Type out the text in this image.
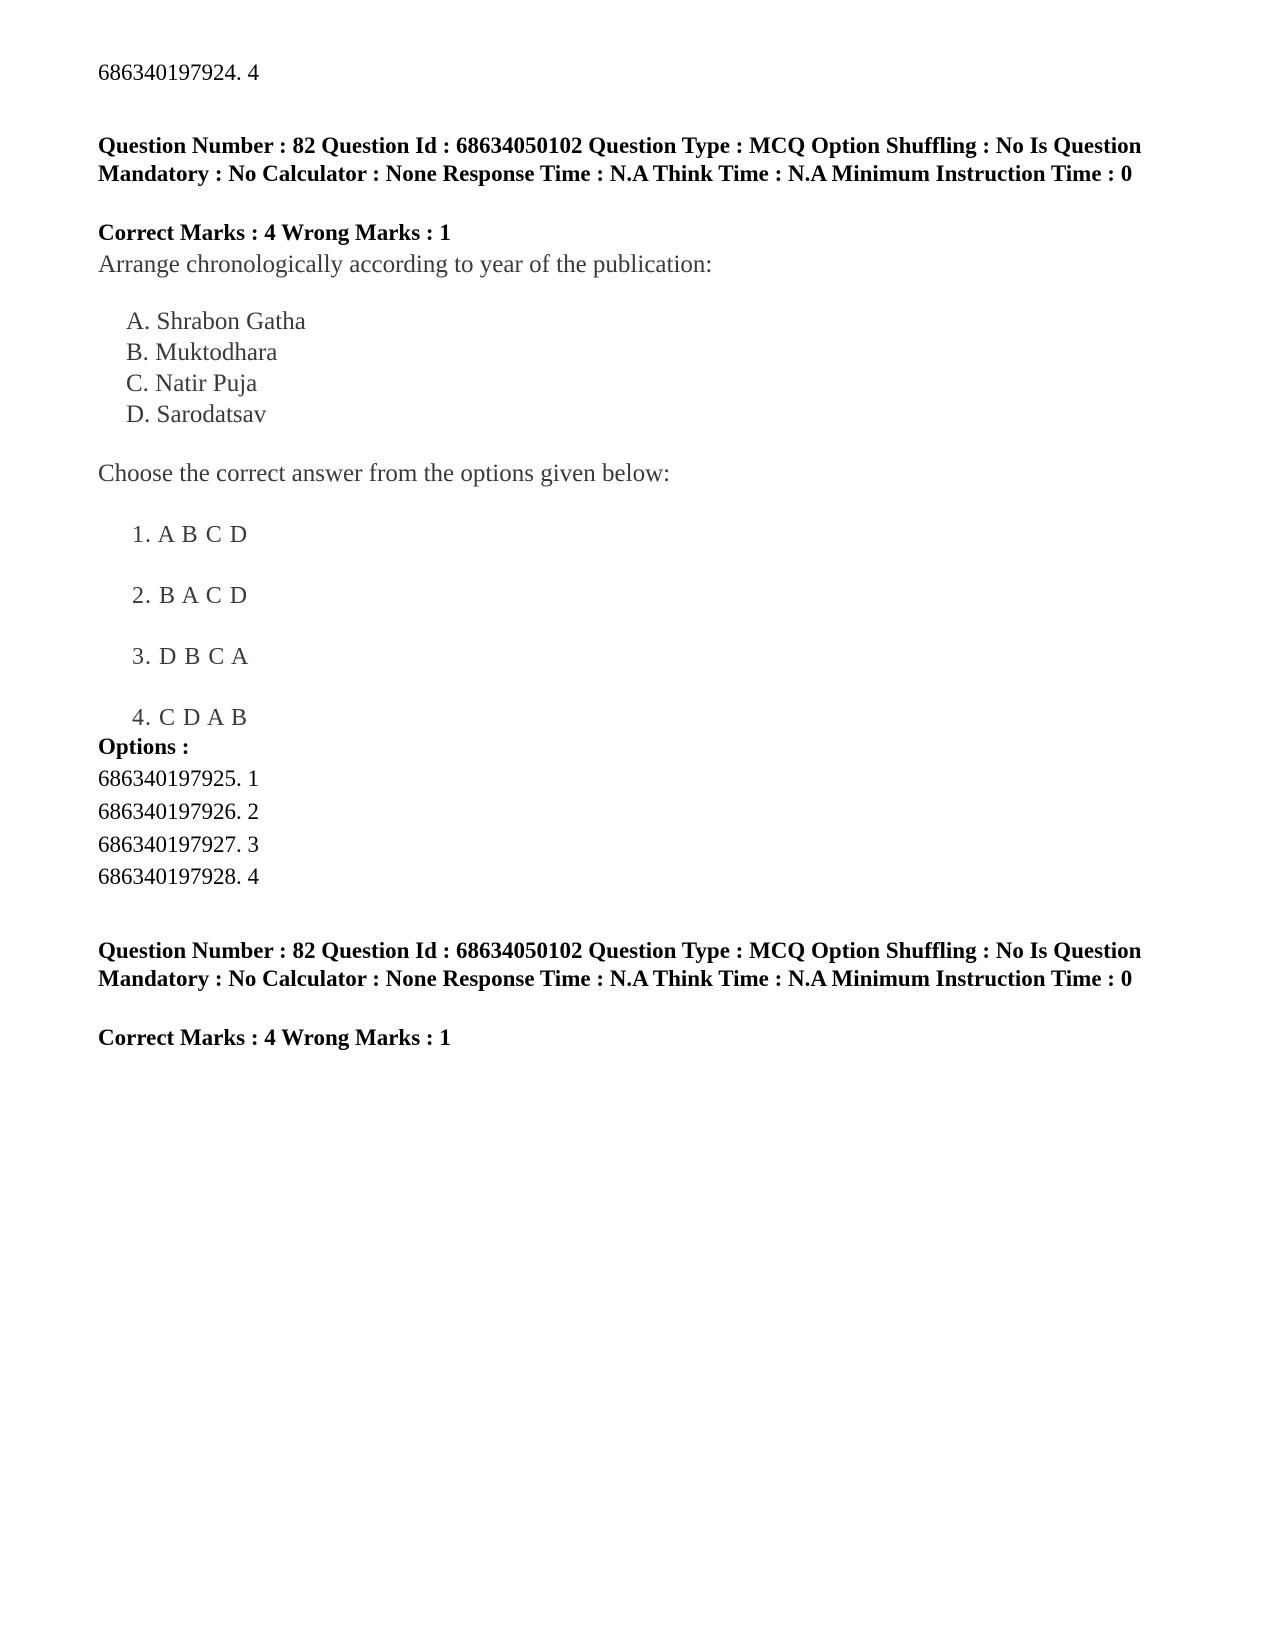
686340197924. 4
Question Number : 82 Question Id : 68634050102 Question Type : MCQ Option Shuffling : No Is Question Mandatory : No Calculator : None Response Time : N.A Think Time : N.A Minimum Instruction Time : 0
Correct Marks : 4 Wrong Marks : 1
Arrange chronologically according to year of the publication:
A. Shrabon Gatha
B. Muktodhara
C. Natir Puja
D. Sarodatsav
Choose the correct answer from the options given below:
1. A B C D
2. B A C D
3. D B C A
4. C D A B
Options :
686340197925. 1
686340197926. 2
686340197927. 3
686340197928. 4
Question Number : 82 Question Id : 68634050102 Question Type : MCQ Option Shuffling : No Is Question Mandatory : No Calculator : None Response Time : N.A Think Time : N.A Minimum Instruction Time : 0
Correct Marks : 4 Wrong Marks : 1
